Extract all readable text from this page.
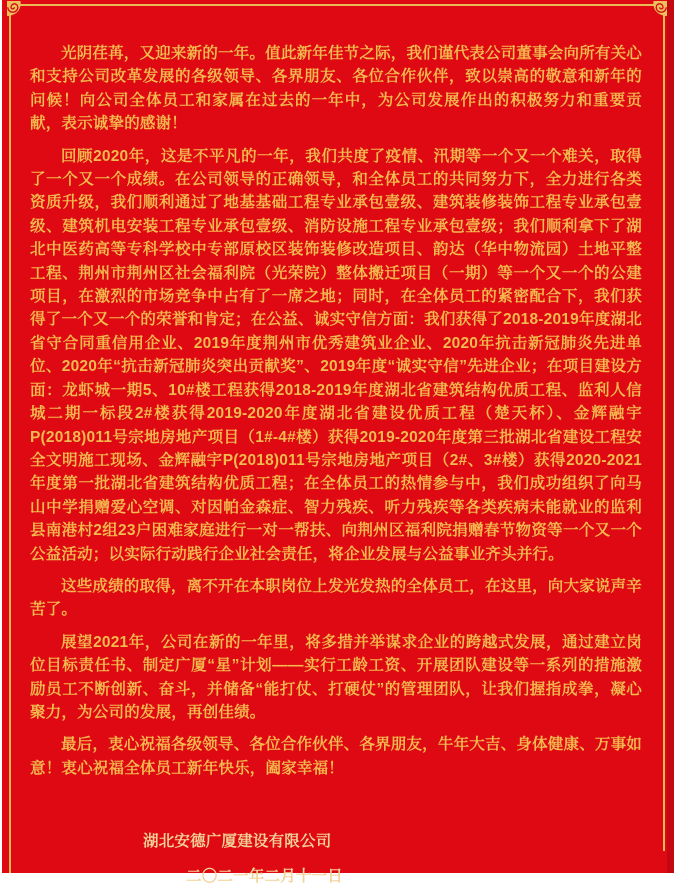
光阴荏苒，又迎来新的一年。值此新年佳节之际，我们谨代表公司董事会向所有关心和支持公司改革发展的各级领导、各界朋友、各位合作伙伴，致以崇高的敬意和新年的问候！向公司全体员工和家属在过去的一年中，为公司发展作出的积极努力和重要贡献，表示诚挚的感谢！

回顾2020年，这是不平凡的一年，我们共度了疫情、汛期等一个又一个难关，取得了一个又一个成绩。在公司领导的正确领导，和全体员工的共同努力下，全力进行各类资质升级，我们顺利通过了地基基础工程专业承包壹级、建筑装修装饰工程专业承包壹级、建筑机电安装工程专业承包壹级、消防设施工程专业承包壹级；我们顺利拿下了湖北中医药高等专科学校中专部原校区装饰装修改造项目、韵达（华中物流园）土地平整工程、荆州市荆州区社会福利院（光荣院）整体搬迁项目（一期）等一个又一个的公建项目，在激烈的市场竞争中占有了一席之地；同时，在全体员工的紧密配合下，我们获得了一个又一个的荣誉和肯定；在公益、诚实守信方面：我们获得了2018-2019年度湖北省守合同重信用企业、2019年度荆州市优秀建筑业企业、2020年抗击新冠肺炎先进单位、2020年“抗击新冠肺炎突出贡献奖”、2019年度“诚实守信”先进企业；在项目建设方面：龙虾城一期5、10#楼工程获得2018-2019年度湖北省建筑结构优质工程、监利人信城二期一标段2#楼获得2019-2020年度湖北省建设优质工程（楚天杯）、金辉融宇P(2018)011号宗地房地产项目（1#-4#楼）获得2019-2020年度第三批湖北省建设工程安全文明施工现场、金辉融宇P(2018)011号宗地房地产项目（2#、3#楼）获得2020-2021年度第一批湖北省建筑结构优质工程；在全体员工的热情参与中，我们成功组织了向马山中学捐赠爱心空调、对因帕金森症、智力残疾、听力残疾等各类疾病未能就业的监利县南港村2组23户困难家庭进行一对一帮扶、向荆州区福利院捐赠春节物资等一个又一个公益活动；以实际行动践行企业社会责任，将企业发展与公益事业齐头并行。

这些成绩的取得，离不开在本职岗位上发光发热的全体员工，在这里，向大家说声辛苦了。

展望2021年，公司在新的一年里，将多措并举谋求企业的跨越式发展，通过建立岗位目标责任书、制定广厦“星”计划——实行工龄工资、开展团队建设等一系列的措施激励员工不断创新、奋斗，并储备“能打仗、打硬仗”的管理团队，让我们握指成拳，凝心聚力，为公司的发展，再创佳绩。

最后，衷心祝福各级领导、各位合作伙伴、各界朋友，牛年大吉、身体健康、万事如意！衷心祝福全体员工新年快乐，阖家幸福！

湖北安德广厦建设有限公司
二〇二一年二月十一日
